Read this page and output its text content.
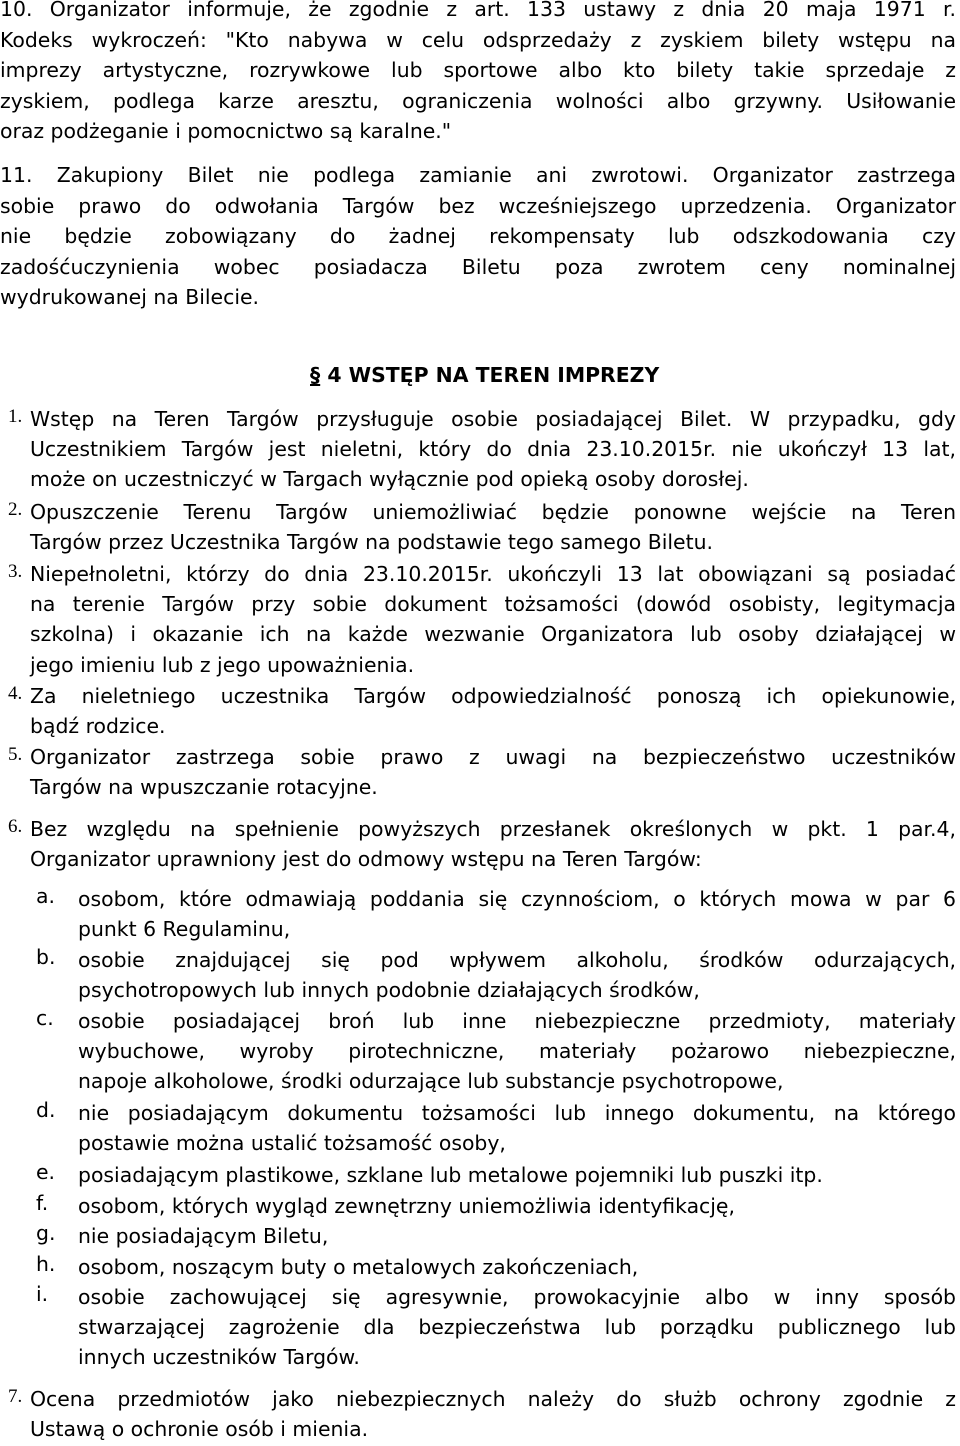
10. Organizator informuje, że zgodnie z art. 133 ustawy z dnia 20 maja 1971 r.
Kodeks wykroczeń: "Kto nabywa w celu odsprzedaży z zyskiem bilety wstępu na
imprezy artystyczne, rozrywkowe lub sportowe albo kto bilety takie sprzedaje z
zyskiem, podlega karze aresztu, ograniczenia wolności albo grzywny. Usiłowanie
oraz podżeganie i pomocnictwo są karalne."
11. Zakupiony Bilet nie podlega zamianie ani zwrotowi. Organizator zastrzega
sobie prawo do odwołania Targów bez wcześniejszego uprzedzenia. Organizator
nie będzie zobowiązany do żadnej rekompensaty lub odszkodowania czy
zadośćuczynienia wobec posiadacza Biletu poza zwrotem ceny nominalnej
wydrukowanej na Bilecie.
§ 4 WSTĘP NA TEREN IMPREZY
1. Wstęp na Teren Targów przysługuje osobie posiadającej Bilet. W przypadku, gdy
Uczestnikiem Targów jest nieletni, który do dnia 23.10.2015r. nie ukończył 13 lat,
może on uczestniczyć w Targach wyłącznie pod opieką osoby dorosłej.
2. Opuszczenie Terenu Targów uniemożliwiać będzie ponowne wejście na Teren
Targów przez Uczestnika Targów na podstawie tego samego Biletu.
3. Niepełnoletni, którzy do dnia 23.10.2015r. ukończyli 13 lat obowiązani są posiadać
na terenie Targów przy sobie dokument tożsamości (dowód osobisty, legitymacja
szkolna) i okazanie ich na każde wezwanie Organizatora lub osoby działającej w
jego imieniu lub z jego upoważnienia.
4. Za nieletniego uczestnika Targów odpowiedzialność ponoszą ich opiekunowie,
bądź rodzice.
5. Organizator zastrzega sobie prawo z uwagi na bezpieczeństwo uczestników
Targów na wpuszczanie rotacyjne.
6. Bez względu na spełnienie powyższych przesłanek określonych w pkt. 1 par.4,
Organizator uprawniony jest do odmowy wstępu na Teren Targów:
a. osobom, które odmawiają poddania się czynnościom, o których mowa w par 6
punkt 6 Regulaminu,
b. osobie znajdującej się pod wpływem alkoholu, środków odurzających,
psychotropowych lub innych podobnie działających środków,
c. osobie posiadającej broń lub inne niebezpieczne przedmioty, materiały
wybuchowe, wyroby pirotechniczne, materiały pożarowo niebezpieczne,
napoje alkoholowe, środki odurzające lub substancje psychotropowe,
d. nie posiadającym dokumentu tożsamości lub innego dokumentu, na którego
postawie można ustalić tożsamość osoby,
e. posiadającym plastikowe, szklane lub metalowe pojemniki lub puszki itp.
f. osobom, których wygląd zewnętrzny uniemożliwia identyfikację,
g. nie posiadającym Biletu,
h. osobom, noszącym buty o metalowych zakończeniach,
i. osobie zachowującej się agresywnie, prowokacyjnie albo w inny sposób
stwarzającej zagrożenie dla bezpieczeństwa lub porządku publicznego lub
innych uczestników Targów.
7. Ocena przedmiotów jako niebezpiecznych należy do służb ochrony zgodnie z
Ustawą o ochronie osób i mienia.
